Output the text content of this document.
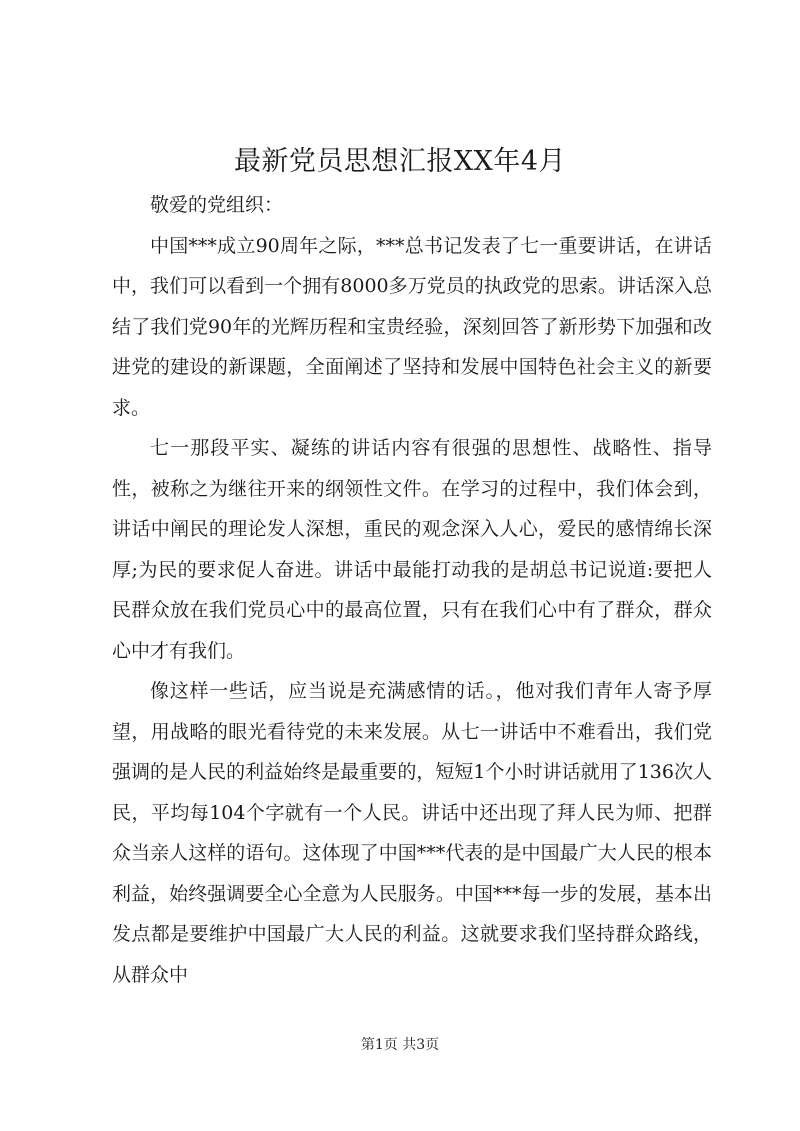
最新党员思想汇报XX年4月

敬爱的党组织：

中国***成立90周年之际，***总书记发表了七一重要讲话，在讲话中，我们可以看到一个拥有8000多万党员的执政党的思索。讲话深入总结了我们党90年的光辉历程和宝贵经验，深刻回答了新形势下加强和改进党的建设的新课题，全面阐述了坚持和发展中国特色社会主义的新要求。

七一那段平实、凝练的讲话内容有很强的思想性、战略性、指导性，被称之为继往开来的纲领性文件。在学习的过程中，我们体会到，讲话中阐民的理论发人深想，重民的观念深入人心，爱民的感情绵长深厚;为民的要求促人奋进。讲话中最能打动我的是胡总书记说道:要把人民群众放在我们党员心中的最高位置，只有在我们心中有了群众，群众心中才有我们。

像这样一些话，应当说是充满感情的话。，他对我们青年人寄予厚望，用战略的眼光看待党的未来发展。从七一讲话中不难看出，我们党强调的是人民的利益始终是最重要的，短短1个小时讲话就用了136次人民，平均每104个字就有一个人民。讲话中还出现了拜人民为师、把群众当亲人这样的语句。这体现了中国***代表的是中国最广大人民的根本利益，始终强调要全心全意为人民服务。中国***每一步的发展，基本出发点都是要维护中国最广大人民的利益。这就要求我们坚持群众路线，从群众中

第1页 共3页
